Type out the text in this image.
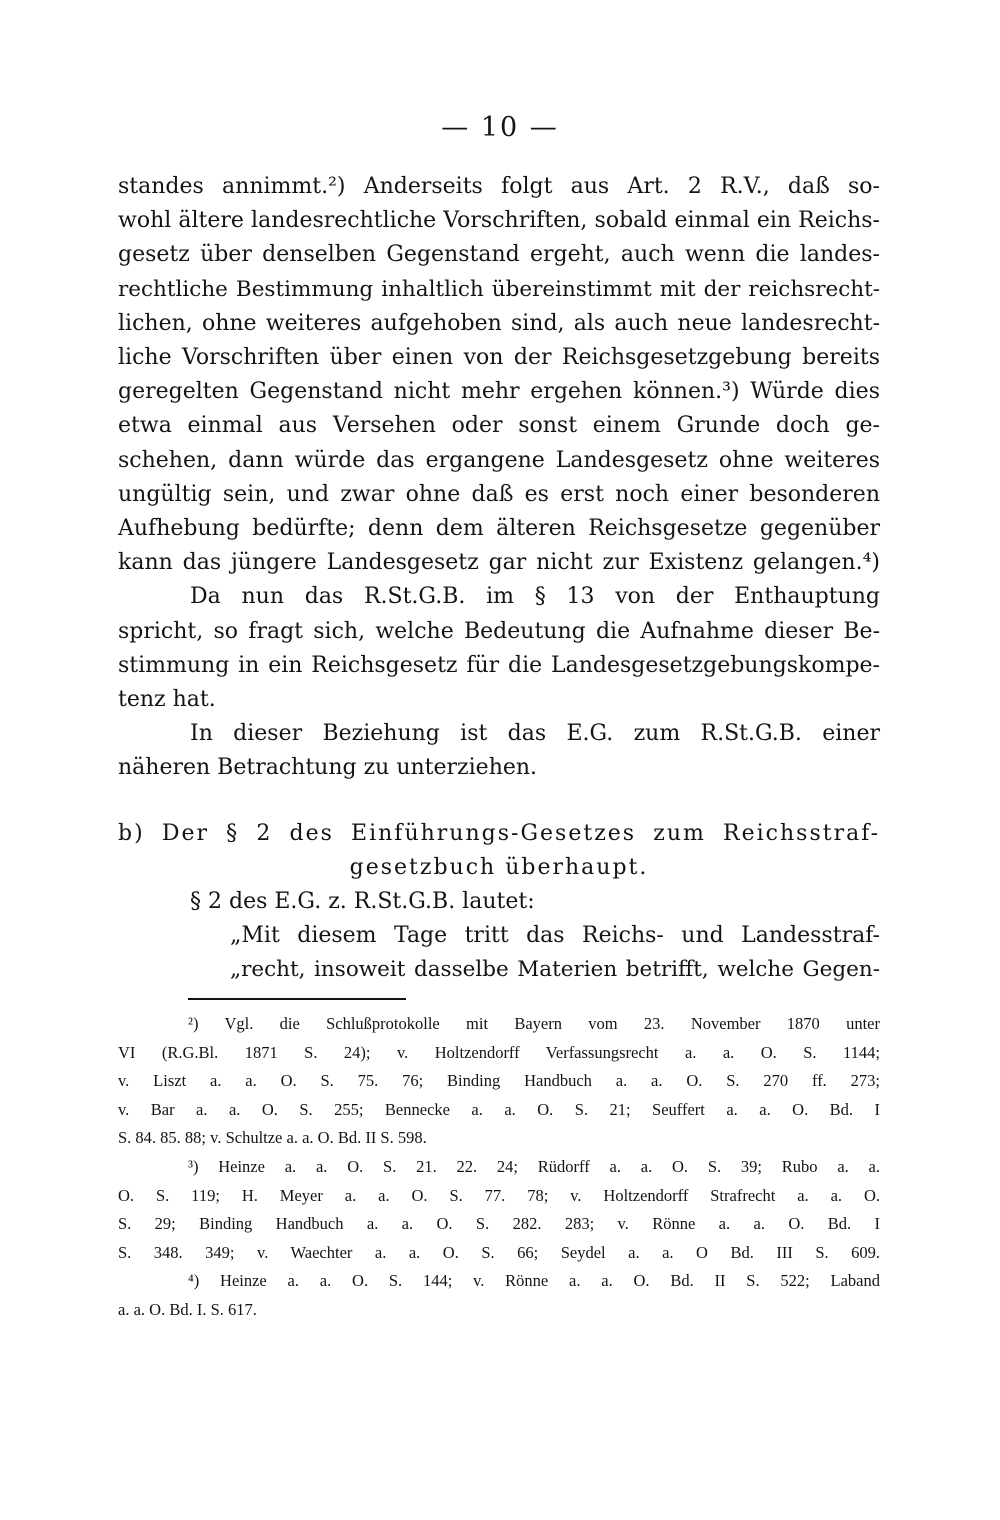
— 10 —
standes annimmt.²) Anderseits folgt aus Art. 2 R.V., daß so-
wohl ältere landesrechtliche Vorschriften, sobald einmal ein Reichs-
gesetz über denselben Gegenstand ergeht, auch wenn die landes-
rechtliche Bestimmung inhaltlich übereinstimmt mit der reichsrecht-
lichen, ohne weiteres aufgehoben sind, als auch neue landesrecht-
liche Vorschriften über einen von der Reichsgesetzgebung bereits
geregelten Gegenstand nicht mehr ergehen können.³) Würde dies
etwa einmal aus Versehen oder sonst einem Grunde doch ge-
schehen, dann würde das ergangene Landesgesetz ohne weiteres
ungültig sein, und zwar ohne daß es erst noch einer besonderen
Aufhebung bedürfte; denn dem älteren Reichsgesetze gegenüber
kann das jüngere Landesgesetz gar nicht zur Existenz gelangen.⁴)
Da nun das R.St.G.B. im § 13 von der Enthauptung
spricht, so fragt sich, welche Bedeutung die Aufnahme dieser Be-
stimmung in ein Reichsgesetz für die Landesgesetzgebungskompe-
tenz hat.
In dieser Beziehung ist das E.G. zum R.St.G.B. einer
näheren Betrachtung zu unterziehen.
b) Der § 2 des Einführungs-Gesetzes zum Reichsstraf-
gesetzbuch überhaupt.
§ 2 des E.G. z. R.St.G.B. lautet:
„Mit diesem Tage tritt das Reichs- und Landesstraf-
„recht, insoweit dasselbe Materien betrifft, welche Gegen-
²) Vgl. die Schlußprotokolle mit Bayern vom 23. November 1870 unter
VI (R.G.Bl. 1871 S. 24); v. Holtzendorff Verfassungsrecht a. a. O. S. 1144;
v. Liszt a. a. O. S. 75. 76; Binding Handbuch a. a. O. S. 270 ff. 273;
v. Bar a. a. O. S. 255; Bennecke a. a. O. S. 21; Seuffert a. a. O. Bd. I
S. 84. 85. 88; v. Schultze a. a. O. Bd. II S. 598.
³) Heinze a. a. O. S. 21. 22. 24; Rüdorff a. a. O. S. 39; Rubo a. a.
O. S. 119; H. Meyer a. a. O. S. 77. 78; v. Holtzendorff Strafrecht a. a. O.
S. 29; Binding Handbuch a. a. O. S. 282. 283; v. Rönne a. a. O. Bd. I
S. 348. 349; v. Waechter a. a. O. S. 66; Seydel a. a. O Bd. III S. 609.
⁴) Heinze a. a. O. S. 144; v. Rönne a. a. O. Bd. II S. 522; Laband
a. a. O. Bd. I. S. 617.
